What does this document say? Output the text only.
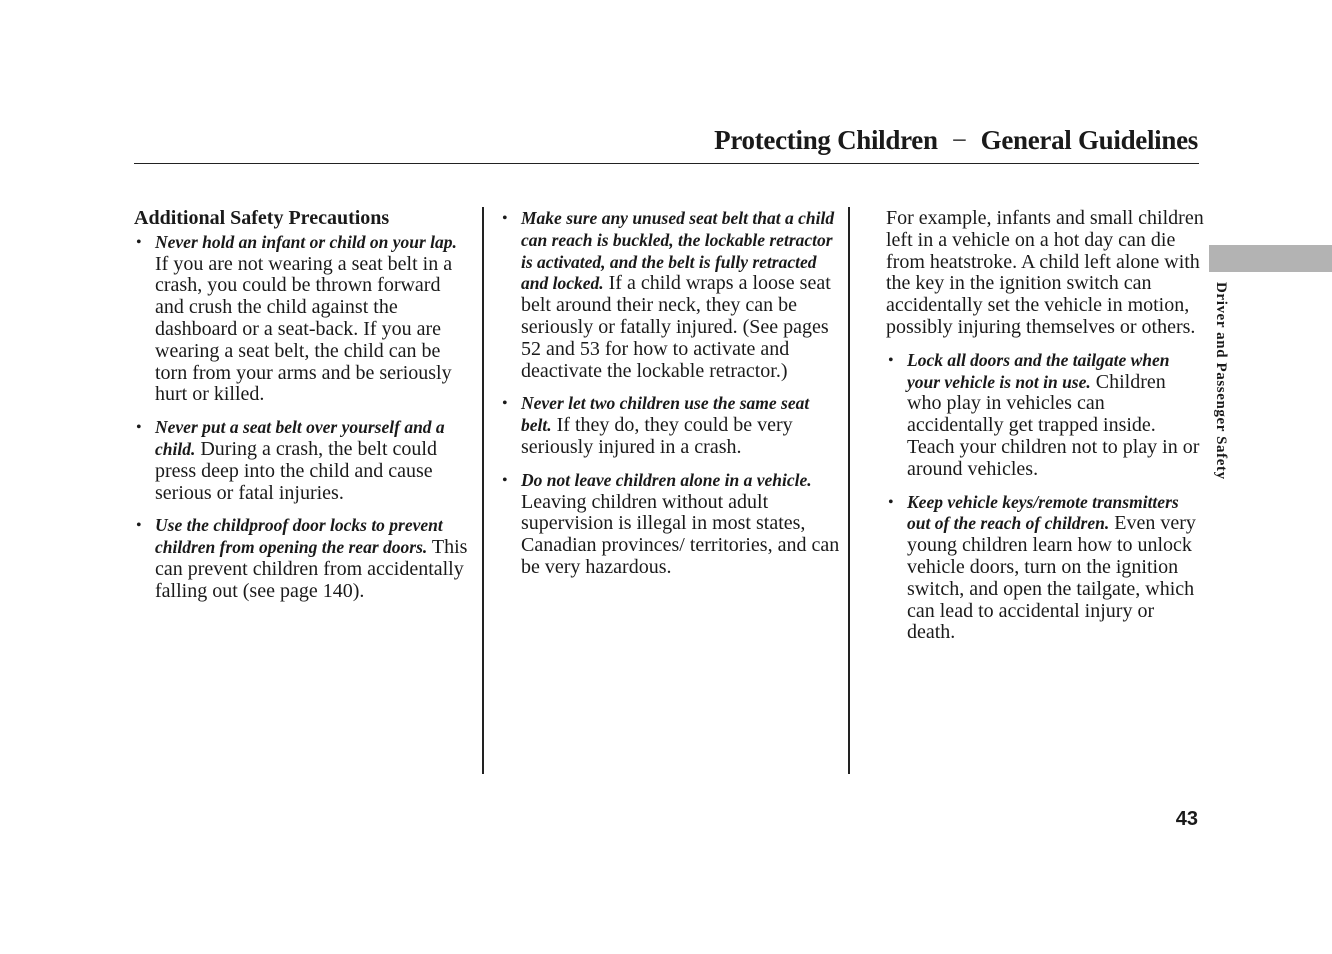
Protecting Children − General Guidelines
Additional Safety Precautions
• Never hold an infant or child on your lap. If you are not wearing a seat belt in a crash, you could be thrown forward and crush the child against the dashboard or a seat-back. If you are wearing a seat belt, the child can be torn from your arms and be seriously hurt or killed.
• Never put a seat belt over yourself and a child. During a crash, the belt could press deep into the child and cause serious or fatal injuries.
• Use the childproof door locks to prevent children from opening the rear doors. This can prevent children from accidentally falling out (see page 140).
• Make sure any unused seat belt that a child can reach is buckled, the lockable retractor is activated, and the belt is fully retracted and locked. If a child wraps a loose seat belt around their neck, they can be seriously or fatally injured. (See pages 52 and 53 for how to activate and deactivate the lockable retractor.)
• Never let two children use the same seat belt. If they do, they could be very seriously injured in a crash.
• Do not leave children alone in a vehicle. Leaving children without adult supervision is illegal in most states, Canadian provinces/ territories, and can be very hazardous.
For example, infants and small children left in a vehicle on a hot day can die from heatstroke. A child left alone with the key in the ignition switch can accidentally set the vehicle in motion, possibly injuring themselves or others.
• Lock all doors and the tailgate when your vehicle is not in use. Children who play in vehicles can accidentally get trapped inside. Teach your children not to play in or around vehicles.
• Keep vehicle keys/remote transmitters out of the reach of children. Even very young children learn how to unlock vehicle doors, turn on the ignition switch, and open the tailgate, which can lead to accidental injury or death.
Driver and Passenger Safety
43
